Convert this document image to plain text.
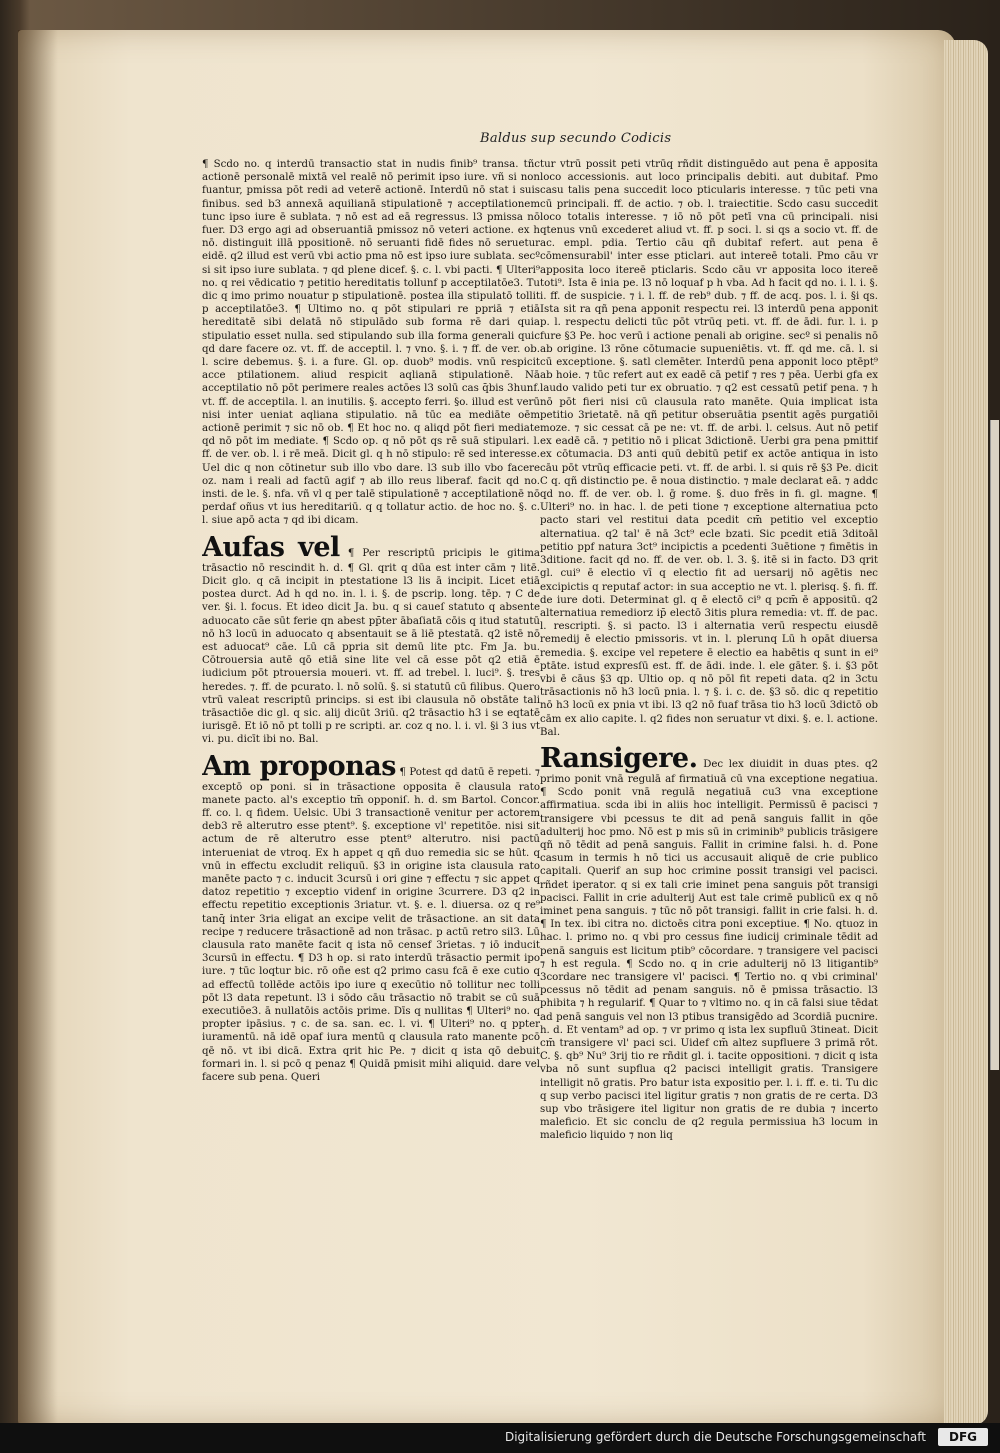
Baldus sup secundo Codicis

¶ Scdo no. q interdū transactio stat in nudis finib⁹ transa. tñc actionē personalē mixtā vel realē nō perimit ipso iure. vñ si non fuantur, pmissa pōt redi ad veterē actionē. Interdū nō stat i suis finibus. sed b3 annexā aquilianā stipulationē ⁊ acceptilationem tunc ipso iure ē sublata. ⁊ nō est ad eā regressus. l3 pmissa nō fuer. D3 ergo agi ad obseruantiā pmissoz nō veteri actione. ex h nō. distinguit illā ppositionē. nō seruanti fidē fides nō seruetur eidē. q2 illud est verū vbi actio pma nō est ipso iure sublata. secº si sit ipso iure sublata. ⁊ qd plene dicef. §. c. l. vbi pacti. ¶ Ulteri⁹ no. q rei vēdicatio ⁊ petitio hereditatis tollunf p acceptilatōe3. Tu dic q imo primo nouatur p stipulationē. postea illa stipulatō tollit p acceptilatōe3. ¶ Ultimo no. q pōt stipulari re ppriā ⁊ etiā hereditatē sibi delatā nō stipulādo sub forma rē dari quia stipulatio esset nulla. sed stipulando sub illa forma generali quic qd dare facere oz. vt. ff. de acceptil. l. ⁊ vno. §. i. ⁊ ff. de ver. ob. l. scire debemus. §. i. a fure. Gl. op. duob⁹ modis. vnū respicit acce ptilationem. aliud respicit aqlianā stipulationē. Nā acceptilatio nō pōt perimere reales actōes l3 solū cas q̄bis 3hunf. vt. ff. de acceptila. l. an inutilis. §. accepto ferri. §o. illud est verū nisi inter ueniat aqliana stipulatio. nā tūc ea mediāte oēm actionē perimit ⁊ sic nō ob. ¶ Et hoc no. q aliqd pōt fieri mediate qd nō pōt im mediate. ¶ Scdo op. q nō pōt qs rē suā stipulari. l. ff. de ver. ob. l. i rē meā. Dicit gl. q h nō stipulo: rē sed interesse. Uel dic q non cōtinetur sub illo vbo dare. l3 sub illo vbo facere oz. nam i reali ad factū agif ⁊ ab illo reus liberaf. facit qd no. insti. de le. §. nfa. vñ vl q per talē stipulationē ⁊ acceptilationē nō perdaf oñus vt ius hereditariū. q q tollatur actio. de hoc no. §. c. l. siue apō acta ⁊ qd ibi dicam.

Aufas vel ¶ Per rescriptū pricipis le gitima trāsactio nō rescindit h. d. ¶ Gl. qrit q dūa est inter cām ⁊ litē. Dicit glo. q cā incipit in ptestatione l3 lis ā incipit. Licet etiā postea durct. Ad h qd no. in. l. i. §. de pscrip. long. tēp. ⁊ C de ver. §i. l. focus. Et ideo dicit Ja. bu. q si caueſ statuto q absente aduocato cāe sūt ferie qn abest pp̄ter ābaſiatā cōis q itud statutū nō h3 locū in aduocato q absentauit se ā liē ptestatā. q2 istē nō est aduocat⁹ cāe. Lū cā ppria sit demū lite ptc. Fm Ja. bu. Cōtrouersia autē qō etiā sine lite vel cā esse pōt q2 etiā ē iudicium pōt ptrouersia moueri. vt. ff. ad trebel. l. luci⁹. §. tres heredes. ⁊. ff. de pcurato. l. nō solū. §. si statutū cū filibus. Quero vtrū valeat rescriptū princips. si est ibi clausula nō obstāte tali trāsactiōe dic gl. q sic. alij dicūt 3riū. q2 trāsactio h3 i se eqtatē iurisgē. Et iō nō pt tolli p re scripti. ar. coz q no. l. i. vl. §i 3 ius vt vi. pu. dicīt ibi no. Bal.

Am proponas ¶ Potest qd datū ē repeti. ⁊ exceptō op poni. si in trāsactione opposita ē clausula rato manete pacto. al's exceptio tm̄ opponiſ. h. d. sm Bartol. Concor. ff. co. l. q fidem. Uelsic. Ubi 3 transactionē venitur per actorem deb3 rē alterutro esse ptent⁹. §. exceptione vl' repetitōe. nisi sit actum de rē alterutro esse ptent⁹ alterutro. nisi pactū interueniat de vtroq. Ex h appet q qñ duo remedia sic se hūt. q vnū in effectu excludit reliquū. §3 in origine ista clausula rato manēte pacto ⁊ c. inducit 3cursū i ori gine ⁊ effectu ⁊ sic appet q datoz repetitio ⁊ exceptio videnf in origine 3currere. D3 q2 in effectu repetitio exceptionis 3riatur. vt. §. e. l. diuersa. oz q re⁹ tanq̄ inter 3ria eligat an excipe velit de trāsactione. an sit data recipe ⁊ reducere trāsactionē ad non trāsac. p actū retro sil3. Lū clausula rato manēte facit q ista nō censef 3rietas. ⁊ iō inducit 3cursū in effectu. ¶ D3 h op. si rato interdū trāsactio permit ipo iure. ⁊ tūc loqtur bic. rō oñe est q2 primo casu fcā ē exe cutio q ad effectū tollēde actōis ipo iure q execūtio nō tollitur nec tolli pōt l3 data repetunt. l3 i sōdo cāu trāsactio nō trabit se cū suā executiōe3. ā nullatōis actōis prime. Dīs q nullitas ¶ Ulteri⁹ no. q propter ipāsius. ⁊ c. de sa. san. ec. l. vi. ¶ Ulteri⁹ no. q ppter iuramentū. nā idē opaf iura mentū q clausula rato manente pcō qē nō. vt ibi dicā. Extra qrit hic Pe. ⁊ dicit q ista qō debuit formari in. l. si pcō q penaz ¶ Quidā pmisit mihi aliquid. dare vel facere sub pena. Queri

tur vtrū possit peti vtrūq rñdit distinguēdo aut pena ē apposita loco accessionis. aut loco principalis debiti. aut dubitaf. Pmo casu talis pena succedit loco pticularis interesse. ⁊ tūc peti vna cū principali. ff. de actio. ⁊ ob. l. traiectitie. Scdo casu succedit loco totalis interesse. ⁊ iō nō pōt petī vna cū principali. nisi qtenus vnū excederet aliud vt. ff. p soci. l. si qs a socio vt. ff. de ac. empl. pdia. Tertio cāu qñ dubitaf refert. aut pena ē cōmensurabil' inter esse pticlari. aut intereē totali. Pmo cāu vr apposita loco itereē pticlaris. Scdo cāu vr apposita loco itereē toti⁹. Ista ē inia pe. l3 nō loquaf p h vba. Ad h facit qd no. i. l. i. §. i. ff. de suspicie. ⁊ i. l. ff. de reb⁹ dub. ⁊ ff. de acq. pos. l. i. §i qs. Ista sit ra qñ pena apponit respectu rei. l3 interdū pena apponit p. l. respectu delicti tūc pōt vtrūq peti. vt. ff. de ādi. fur. l. i. p fure §3 Pe. hoc verū i actione penali ab origine. secº si penalis nō ab origine. l3 rōne cōtumacie supueniētis. vt. ff. qd me. cā. l. si cū exceptione. §. satl clemēter. Interdū pena apponit loco ptēpt⁹ ab hoie. ⁊ tūc refert aut ex eadē cā petif ⁊ res ⁊ pēa. Uerbi gfa ex laudo valido peti tur ex obruatio. ⁊ q2 est cessatū petif pena. ⁊ h nō pōt fieri nisi cū clausula rato manēte. Quia implicat ista petitio 3rietatē. nā qñ petitur obseruātia psentit agēs purgatiōi moze. ⁊ sic cessat cā pe ne: vt. ff. de arbi. l. celsus. Aut nō petif ex eadē cā. ⁊ petitio nō i plicat 3dictionē. Uerbi gra pena pmittif ex cōtumacia. D3 anti quū debitū petif ex actōe antiqua in isto cāu pōt vtrūq efficacie peti. vt. ff. de arbi. l. si quis rē §3 Pe. dicit C q. qñ distinctio pe. ē noua distinctio. ⁊ male declarat eā. ⁊ addc qd no. ff. de ver. ob. l. ḡ rome. §. duo frēs in fi. gl. magne. ¶ Ulteri⁹ no. in hac. l. de peti tione ⁊ exceptione alternatiua pcto pacto stari vel restitui data pcedit cm̄ petitio vel exceptio alternatiua. q2 tal' ē nā 3ct⁹ ecle bzati. Sic pcedit etiā 3ditoāl petitio ppf natura 3ct⁹ incipictis a pcedenti 3uētione ⁊ fimētis in 3ditione. facit qd no. ff. de ver. ob. l. 3. §. itē si in facto. D3 qrit gl. cui⁹ ē electio vī q electio fit ad uersarij nō agētis nec excipictis q reputaf actor: in sua acceptio ne vt. l. plerisq. §. fi. ff. de iure doti. Determinat gl. q ē electō ci⁹ q pcm̄ ē appositū. q2 alternatiua remediorz ip̄ electō 3itis plura remedia: vt. ff. de pac. l. rescripti. §. si pacto. l3 i alternatia verū respectu eiusdē remedij ē electio pmissoris. vt in. l. plerunq Lū h opāt diuersa remedia. §. excipe vel repetere ē electio ea habētis q sunt in ei⁹ ptāte. istud expresſū est. ff. de ādi. inde. l. ele gāter. §. i. §3 pōt vbi ē cāus §3 qp. Ultio op. q nō pōl fit repeti data. q2 in 3ctu trāsactionis nō h3 locū pnia. l. ⁊ §. i. c. de. §3 sō. dic q repetitio nō h3 locū ex pnia vt ibi. l3 q2 nō fuaf trāsa tio h3 locū 3dictō ob cām ex alio capite. l. q2 fides non seruatur vt dixi. §. e. l. actione. Bal.

Ransigere. Dec lex diuidit in duas ptes. q2 primo ponit vnā regulā af firmatiuā cū vna exceptione negatiua. ¶ Scdo ponit vnā regulā negatiuā cu3 vna exceptione affirmatiua. scda ibi in aliis hoc intelligit. Permissū ē pacisci ⁊ transigere vbi pcessus te dit ad penā sanguis fallit in qōe adulterij hoc pmo. Nō est p mis sū in criminib⁹ publicis trāsigere qñ nō tēdit ad penā sanguis. Fallit in crimine falsi. h. d. Pone casum in termis h nō tici us accusauit aliquē de crie publico capitali. Querif an sup hoc crimine possit transigi vel pacisci. rñdet iperator. q si ex tali crie iminet pena sanguis pōt transigi pacisci. Fallit in crie adulterij Aut est tale crimē publicū ex q nō iminet pena sanguis. ⁊ tūc nō pōt transigi. fallit in crie falsi. h. d. ¶ In tex. ibi citra no. dictoēs citra poni exceptiue. ¶ No. qtuoz in hac. l. primo no. q vbi pro cessus fine iudicij criminale tēdit ad penā sanguis est licitum ptib⁹ cōcordare. ⁊ transigere vel pacisci ⁊ h est regula. ¶ Scdo no. q in crie adulterij nō l3 litigantib⁹ 3cordare nec transigere vl' pacisci. ¶ Tertio no. q vbi criminal' pcessus nō tēdit ad penam sanguis. nō ē pmissa trāsactio. l3 phibita ⁊ h regularif. ¶ Quar to ⁊ vltimo no. q in cā falsi siue tēdat ad penā sanguis vel non l3 ptibus transigēdo ad 3cordiā pucnire. h. d. Et ventam⁹ ad op. ⁊ vr primo q ista lex supfluū 3tineat. Dicit cm̄ transigere vl' paci sci. Uidef cm̄ altez supfluere 3 primā rōt. C. §. qb⁹ Nu⁹ 3rij tio re rñdit gl. i. tacite oppositioni. ⁊ dicit q ista vba nō sunt supflua q2 pacisci intelligit gratis. Transigere intelligit nō gratis. Pro batur ista expositio per. l. i. ff. e. ti. Tu dic q sup verbo pacisci itel ligitur gratis ⁊ non gratis de re certa. D3 sup vbo trāsigere itel ligitur non gratis de re dubia ⁊ incerto maleficio. Et sic conclu de q2 regula permissiua h3 locum in maleficio liquido ⁊ non liq

Digitalisierung gefördert durch die Deutsche Forschungsgemeinschaft	DFG
